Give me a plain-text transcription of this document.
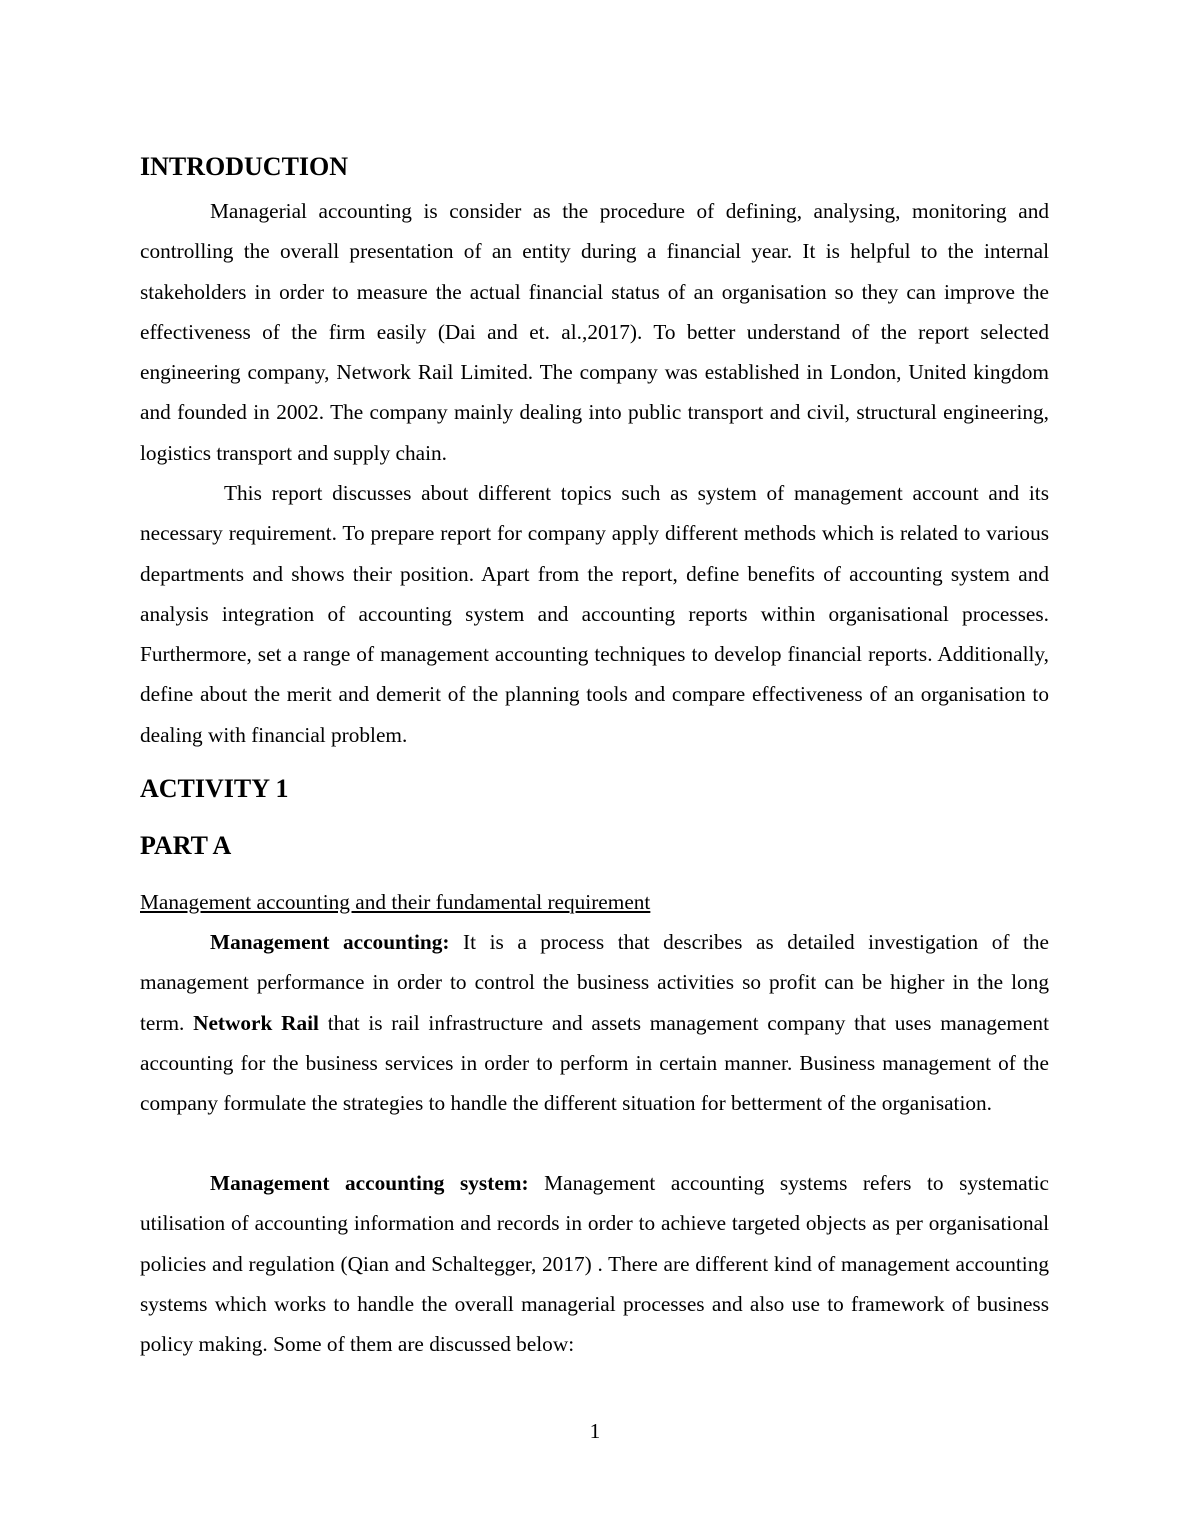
INTRODUCTION

Managerial accounting is consider as the procedure of defining, analysing, monitoring and controlling the overall presentation of an entity during a financial year. It is helpful to the internal stakeholders in order to measure the actual financial status of an organisation so they can improve the effectiveness of the firm easily (Dai and et. al.,2017). To better understand of the report selected engineering company, Network Rail Limited. The company was established in London, United kingdom and founded in 2002. The company mainly dealing into public transport and civil, structural engineering, logistics transport and supply chain.

This report discusses about different topics such as system of management account and its necessary requirement. To prepare report for company apply different methods which is related to various departments and shows their position. Apart from the report, define benefits of accounting system and analysis integration of accounting system and accounting reports within organisational processes. Furthermore, set a range of management accounting techniques to develop financial reports. Additionally, define about the merit and demerit of the planning tools and compare effectiveness of an organisation to dealing with financial problem.

ACTIVITY 1
PART A

Management accounting and their fundamental requirement

Management accounting: It is a process that describes as detailed investigation of the management performance in order to control the business activities so profit can be higher in the long term. Network Rail that is rail infrastructure and assets management company that uses management accounting for the business services in order to perform in certain manner. Business management of the company formulate the strategies to handle the different situation for betterment of the organisation.

Management accounting system: Management accounting systems refers to systematic utilisation of accounting information and records in order to achieve targeted objects as per organisational policies and regulation (Qian and Schaltegger, 2017) . There are different kind of management accounting systems which works to handle the overall managerial processes and also use to framework of business policy making. Some of them are discussed below:

1
